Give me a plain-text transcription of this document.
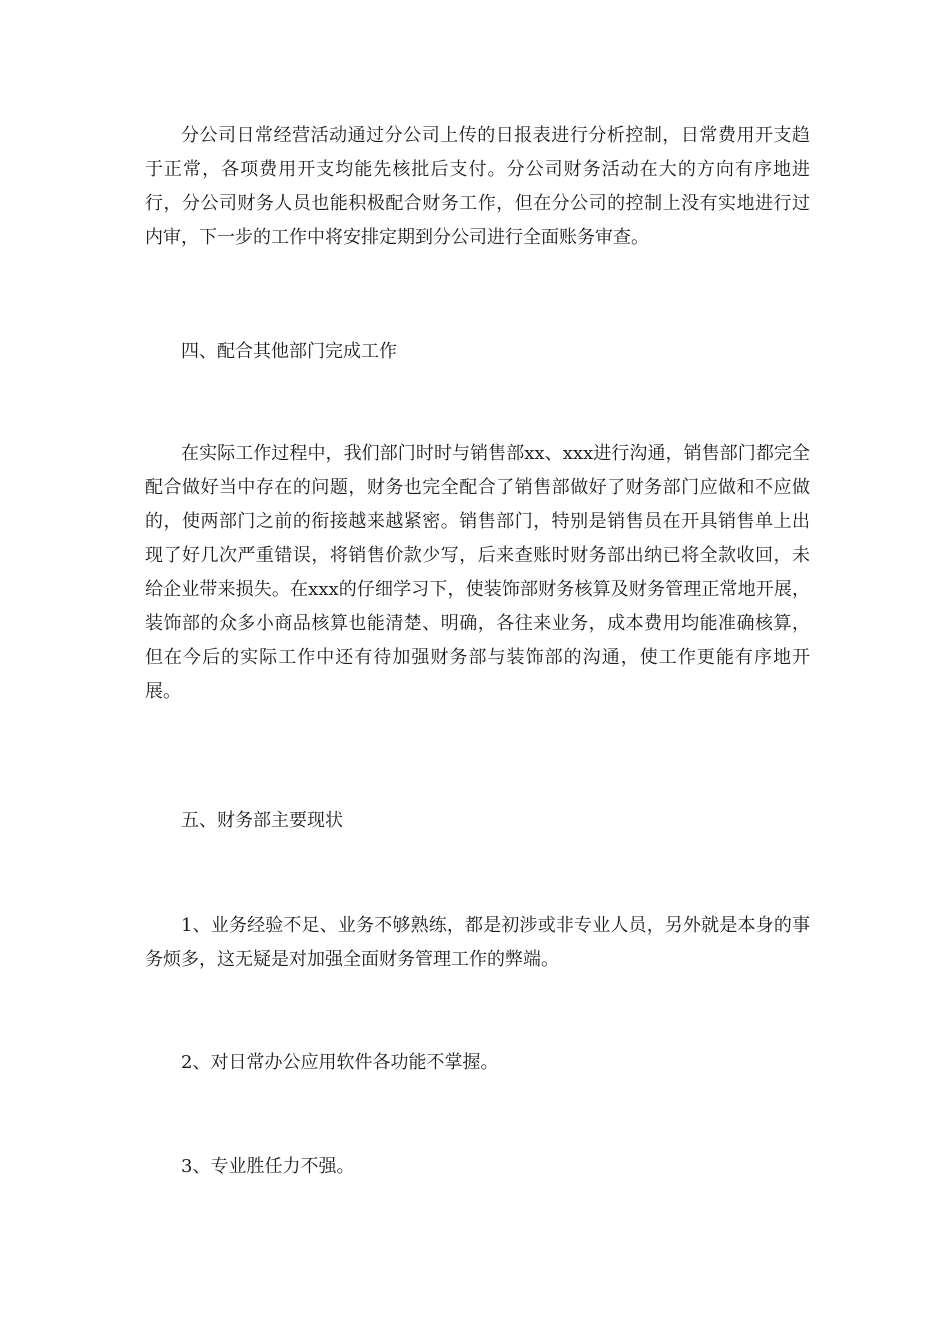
分公司日常经营活动通过分公司上传的日报表进行分析控制，日常费用开支趋于正常，各项费用开支均能先核批后支付。分公司财务活动在大的方向有序地进行，分公司财务人员也能积极配合财务工作，但在分公司的控制上没有实地进行过内审，下一步的工作中将安排定期到分公司进行全面账务审查。

四、配合其他部门完成工作

在实际工作过程中，我们部门时时与销售部xx、xxx进行沟通，销售部门都完全配合做好当中存在的问题，财务也完全配合了销售部做好了财务部门应做和不应做的，使两部门之前的衔接越来越紧密。销售部门，特别是销售员在开具销售单上出现了好几次严重错误，将销售价款少写，后来查账时财务部出纳已将全款收回，未给企业带来损失。在xxx的仔细学习下，使装饰部财务核算及财务管理正常地开展，装饰部的众多小商品核算也能清楚、明确，各往来业务，成本费用均能准确核算，但在今后的实际工作中还有待加强财务部与装饰部的沟通，使工作更能有序地开展。

五、财务部主要现状

1、业务经验不足、业务不够熟练，都是初涉或非专业人员，另外就是本身的事务烦多，这无疑是对加强全面财务管理工作的弊端。

2、对日常办公应用软件各功能不掌握。

3、专业胜任力不强。
